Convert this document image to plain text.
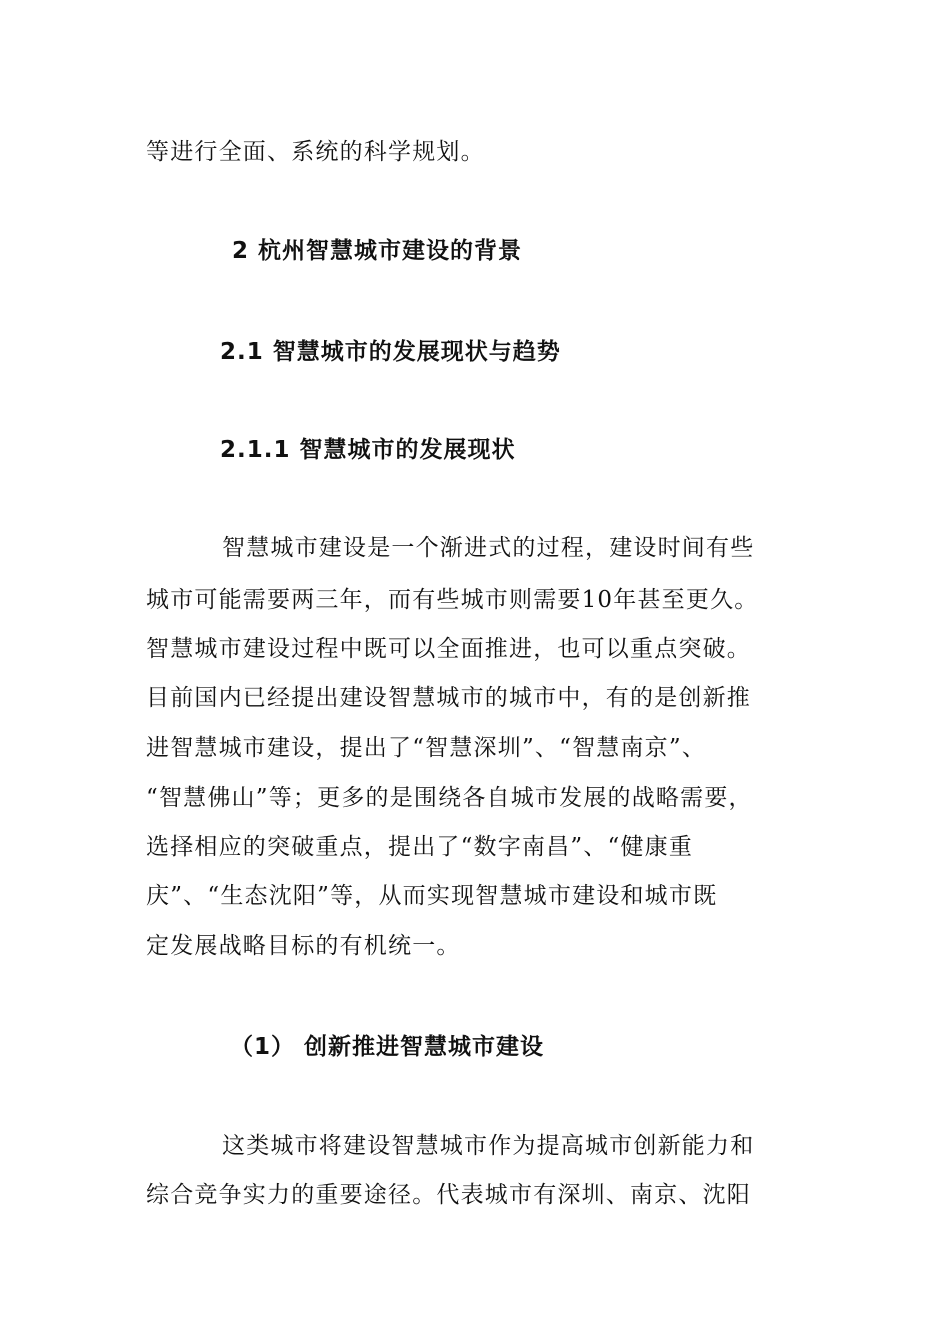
等进行全面、系统的科学规划。
2 杭州智慧城市建设的背景
2.1 智慧城市的发展现状与趋势
2.1.1 智慧城市的发展现状
智慧城市建设是一个渐进式的过程，建设时间有些
城市可能需要两三年，而有些城市则需要10年甚至更久。
智慧城市建设过程中既可以全面推进，也可以重点突破。
目前国内已经提出建设智慧城市的城市中，有的是创新推
进智慧城市建设，提出了“智慧深圳”、“智慧南京”、
“智慧佛山”等；更多的是围绕各自城市发展的战略需要，
选择相应的突破重点，提出了“数字南昌”、“健康重
庆”、“生态沈阳”等，从而实现智慧城市建设和城市既
定发展战略目标的有机统一。
（1） 创新推进智慧城市建设
这类城市将建设智慧城市作为提高城市创新能力和
综合竞争实力的重要途径。代表城市有深圳、南京、沈阳
